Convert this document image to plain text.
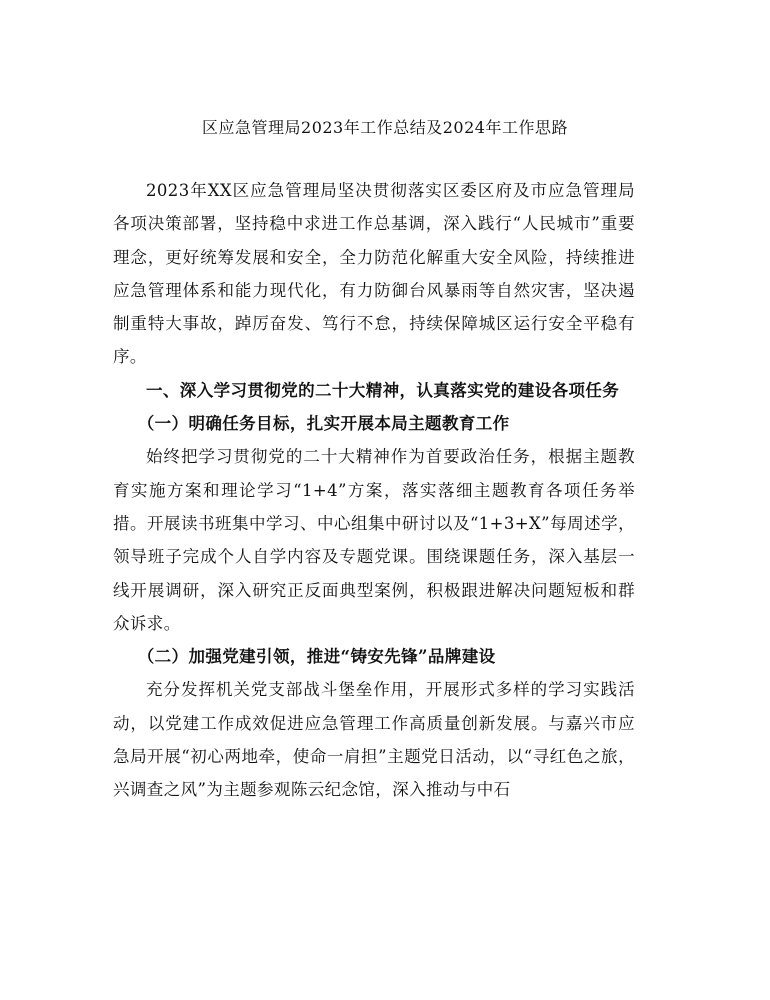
区应急管理局2023年工作总结及2024年工作思路

2023年XX区应急管理局坚决贯彻落实区委区府及市应急管理局各项决策部署，坚持稳中求进工作总基调，深入践行“人民城市”重要理念，更好统筹发展和安全，全力防范化解重大安全风险，持续推进应急管理体系和能力现代化，有力防御台风暴雨等自然灾害，坚决遏制重特大事故，踔厉奋发、笃行不怠，持续保障城区运行安全平稳有序。

一、深入学习贯彻党的二十大精神，认真落实党的建设各项任务

（一）明确任务目标，扎实开展本局主题教育工作

始终把学习贯彻党的二十大精神作为首要政治任务，根据主题教育实施方案和理论学习“1+4”方案，落实落细主题教育各项任务举措。开展读书班集中学习、中心组集中研讨以及“1+3+X”每周述学，领导班子完成个人自学内容及专题党课。围绕课题任务，深入基层一线开展调研，深入研究正反面典型案例，积极跟进解决问题短板和群众诉求。

（二）加强党建引领，推进“铸安先锋”品牌建设

充分发挥机关党支部战斗堡垒作用，开展形式多样的学习实践活动，以党建工作成效促进应急管理工作高质量创新发展。与嘉兴市应急局开展“初心两地牵，使命一肩担”主题党日活动，以“寻红色之旅，兴调查之风”为主题参观陈云纪念馆，深入推动与中石
